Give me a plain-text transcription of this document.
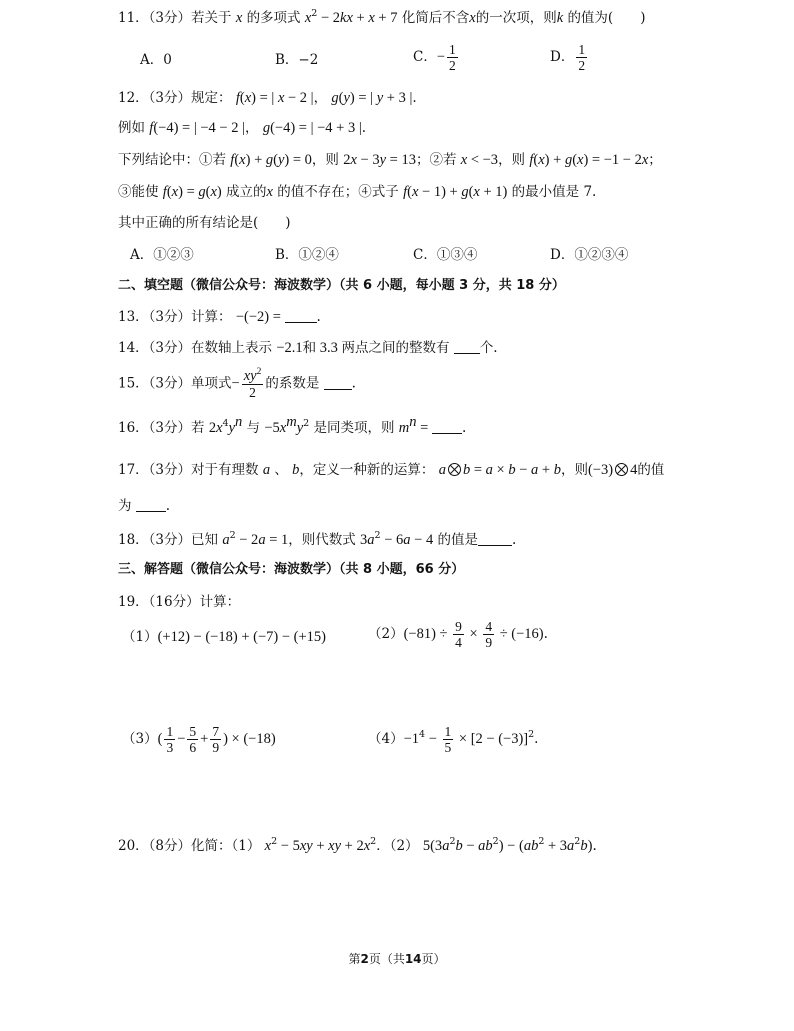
11．（3分）若关于 x 的多项式 $x^2 - 2kx + x + 7$ 化简后不含x的一次项，则k 的值为(　　)
A．0	B．−2	C．− $\frac{1}{2}$	D． $\frac{1}{2}$
12．（3分）规定： f(x) = | x − 2 |， g(y) = | y + 3 |.
例如 f(−4) = | −4 − 2 |， g(−4) = | −4 + 3 |.
下列结论中：①若 f(x) + g(y) = 0，则 2x − 3y = 13；②若 x < −3，则 f(x) + g(x) = −1 − 2x；
③能使 f(x) = g(x) 成立的x 的值不存在；④式子 f(x − 1) + g(x + 1) 的最小值是 7.
其中正确的所有结论是(　　)
A．①②③	B．①②④	C．①③④	D．①②③④
二、填空题（微信公众号：海波数学）（共 6 小题，每小题 3 分，共 18 分）
13．（3分）计算： −(−2) = .
14．（3分）在数轴上表示 −2.1和 3.3 两点之间的整数有 个.
15．（3分）单项式− $\frac{xy^2}{2}$ 的系数是 .
16．（3分）若 $2x^4y^n$ 与 $-5x^my^2$ 是同类项，则 $m^n$ = .
17．（3分）对于有理数 a 、 b，定义一种新的运算： a b = a × b − a + b，则(−3) 4的值
为	.
18．（3分）已知 $a^2 - 2a = 1$，则代数式 $3a^2 - 6a - 4$ 的值是	.
三、解答题（微信公众号：海波数学）（共 8 小题，66 分）
19．（16分）计算：
（1）(+12) − (−18) + (−7) − (+15)	$(2)(-81) \div \frac{9}{4} \times \frac{4}{9} \div (-16)$.
$(3)( \frac{1}{3} - \frac{5}{6} + \frac{7}{9}$ ) × (−18)	$(4)-1^4 - \frac{1}{5} \times [2 - (-3)]^2$.
20．（8分）化简：（1） $x^2 - 5xy$ + xy + $2x^2$．（2） $5(3a^2b - ab^2) - (ab^2 + 3a^2b)$.
第2页（共14页）
